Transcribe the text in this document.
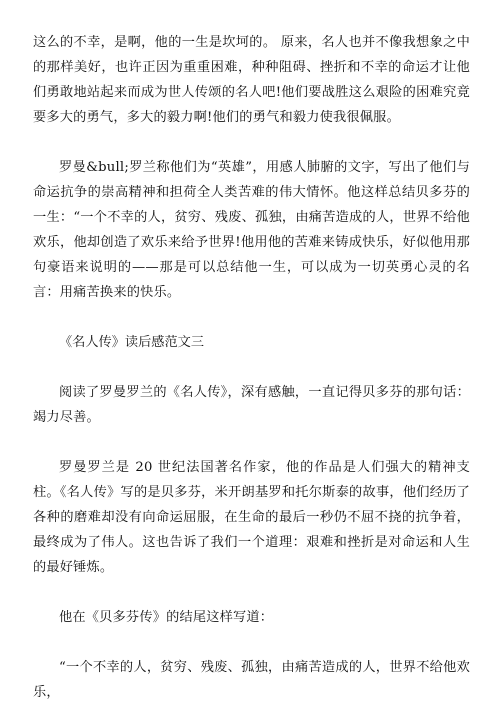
这么的不幸，是啊，他的一生是坎坷的。 原来，名人也并不像我想象之中的那样美好，也许正因为重重困难，种种阻碍、挫折和不幸的命运才让他们勇敢地站起来而成为世人传颂的名人吧!他们要战胜这么艰险的困难究竟要多大的勇气，多大的毅力啊!他们的勇气和毅力使我很佩服。

罗曼&bull;罗兰称他们为“英雄”，用感人肺腑的文字，写出了他们与命运抗争的崇高精神和担荷全人类苦难的伟大情怀。他这样总结贝多芬的一生：“一个不幸的人，贫穷、残废、孤独，由痛苦造成的人，世界不给他欢乐，他却创造了欢乐来给予世界!他用他的苦难来铸成快乐，好似他用那句豪语来说明的——那是可以总结他一生，可以成为一切英勇心灵的名言：用痛苦换来的快乐。

《名人传》读后感范文三

阅读了罗曼罗兰的《名人传》，深有感触，一直记得贝多芬的那句话：竭力尽善。

罗曼罗兰是 20 世纪法国著名作家，他的作品是人们强大的精神支柱。《名人传》写的是贝多芬，米开朗基罗和托尔斯泰的故事，他们经历了各种的磨难却没有向命运屈服，在生命的最后一秒仍不屈不挠的抗争着，最终成为了伟人。这也告诉了我们一个道理：艰难和挫折是对命运和人生的最好锤炼。

他在《贝多芬传》的结尾这样写道：

“一个不幸的人，贫穷、残废、孤独，由痛苦造成的人，世界不给他欢乐，
